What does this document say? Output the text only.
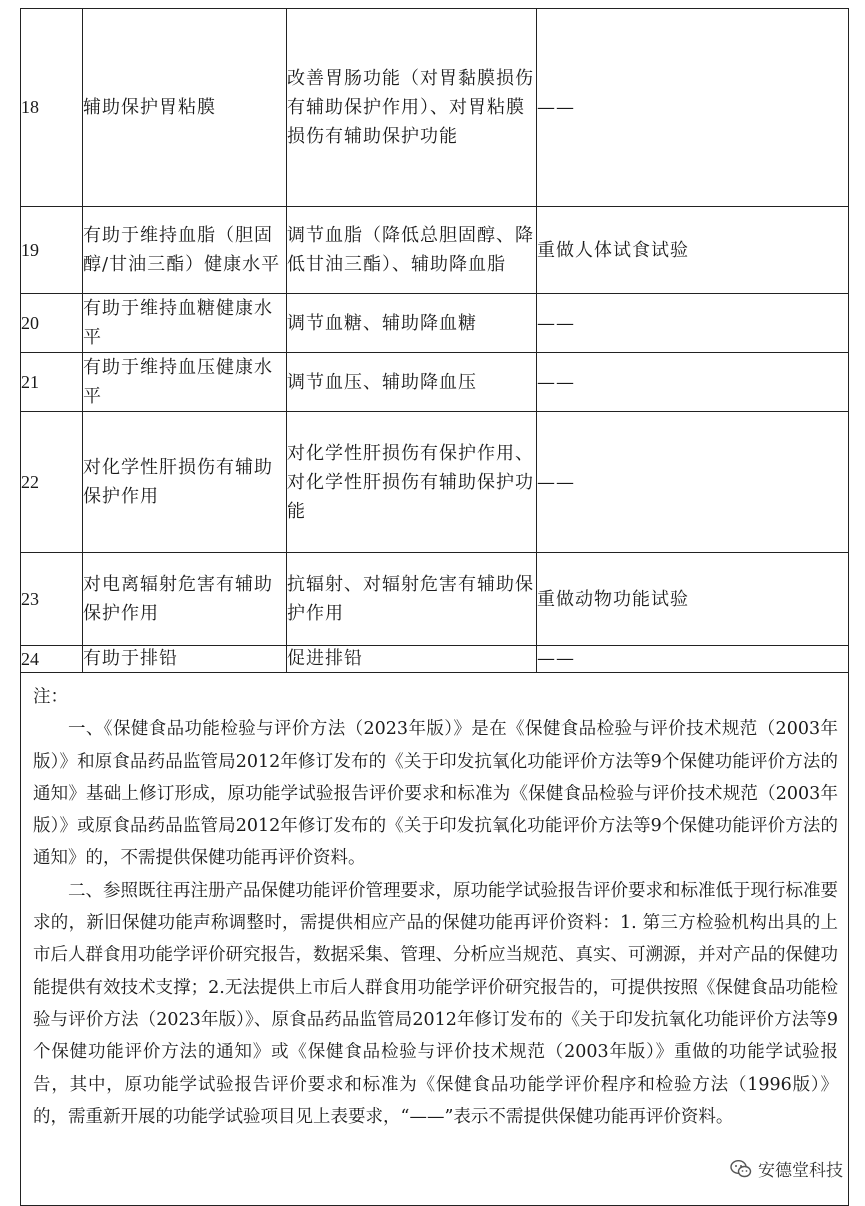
18	辅助保护胃粘膜	改善胃肠功能（对胃黏膜损伤有辅助保护作用）、对胃粘膜损伤有辅助保护功能	——
19	有助于维持血脂（胆固醇/甘油三酯）健康水平	调节血脂（降低总胆固醇、降低甘油三酯）、辅助降血脂	重做人体试食试验
20	有助于维持血糖健康水平	调节血糖、辅助降血糖	——
21	有助于维持血压健康水平	调节血压、辅助降血压	——
22	对化学性肝损伤有辅助保护作用	对化学性肝损伤有保护作用、对化学性肝损伤有辅助保护功能	——
23	对电离辐射危害有辅助保护作用	抗辐射、对辐射危害有辅助保护作用	重做动物功能试验
24	有助于排铅	促进排铅	——

注：

一、《保健食品功能检验与评价方法（2023年版）》是在《保健食品检验与评价技术规范（2003年版）》和原食品药品监管局2012年修订发布的《关于印发抗氧化功能评价方法等9个保健功能评价方法的通知》基础上修订形成，原功能学试验报告评价要求和标准为《保健食品检验与评价技术规范（2003年版）》或原食品药品监管局2012年修订发布的《关于印发抗氧化功能评价方法等9个保健功能评价方法的通知》的，不需提供保健功能再评价资料。

二、参照既往再注册产品保健功能评价管理要求，原功能学试验报告评价要求和标准低于现行标准要求的，新旧保健功能声称调整时，需提供相应产品的保健功能再评价资料：1. 第三方检验机构出具的上市后人群食用功能学评价研究报告，数据采集、管理、分析应当规范、真实、可溯源，并对产品的保健功能提供有效技术支撑；2.无法提供上市后人群食用功能学评价研究报告的，可提供按照《保健食品功能检验与评价方法（2023年版）》、原食品药品监管局2012年修订发布的《关于印发抗氧化功能评价方法等9个保健功能评价方法的通知》或《保健食品检验与评价技术规范（2003年版）》重做的功能学试验报告，其中，原功能学试验报告评价要求和标准为《保健食品功能学评价程序和检验方法（1996版）》的，需重新开展的功能学试验项目见上表要求，“——”表示不需提供保健功能再评价资料。			

安德堂科技
